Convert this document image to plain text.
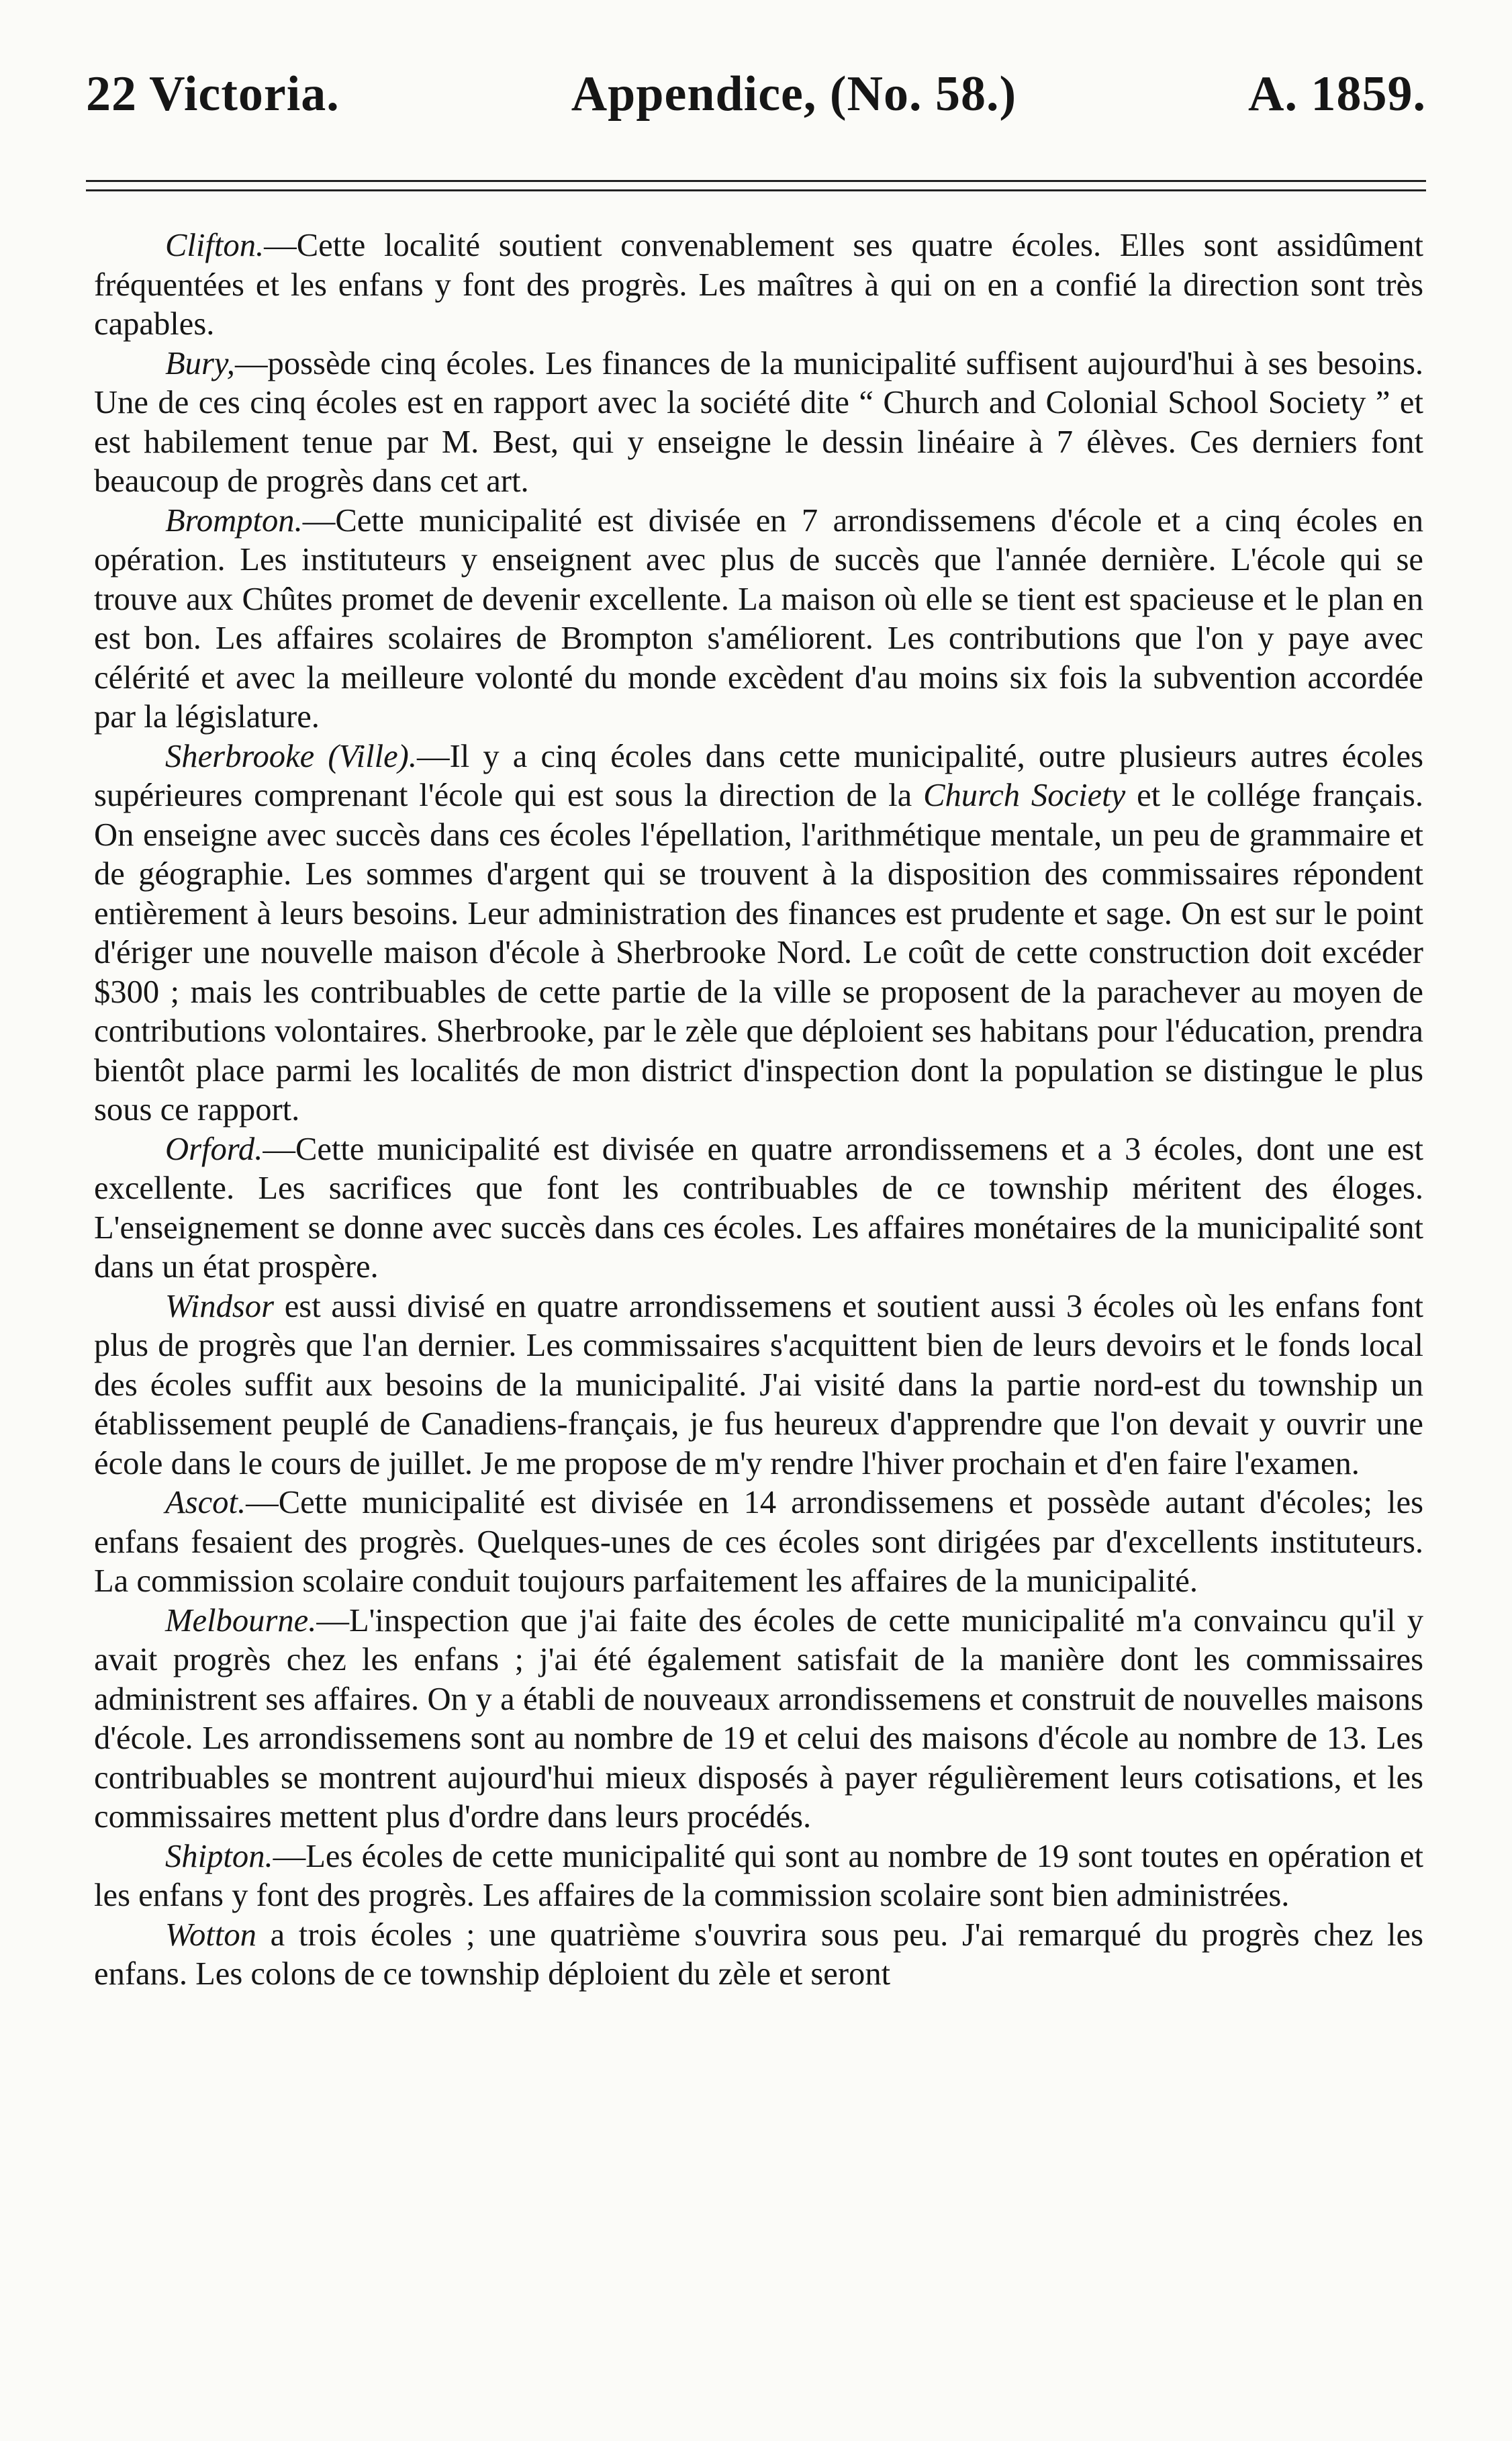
22 Victoria.	Appendice, (No. 58.)	A. 1859.

Clifton.—Cette localité soutient convenablement ses quatre écoles. Elles sont assidûment fréquentées et les enfans y font des progrès. Les maîtres à qui on en a confié la direction sont très capables.

Bury,—possède cinq écoles. Les finances de la municipalité suffisent aujourd'hui à ses besoins. Une de ces cinq écoles est en rapport avec la société dite “ Church and Colonial School Society ” et est habilement tenue par M. Best, qui y enseigne le dessin linéaire à 7 élèves. Ces derniers font beaucoup de progrès dans cet art.

Brompton.—Cette municipalité est divisée en 7 arrondissemens d'école et a cinq écoles en opération. Les instituteurs y enseignent avec plus de succès que l'année dernière. L'école qui se trouve aux Chûtes promet de devenir excellente. La maison où elle se tient est spacieuse et le plan en est bon. Les affaires scolaires de Brompton s'améliorent. Les contributions que l'on y paye avec célérité et avec la meilleure volonté du monde excèdent d'au moins six fois la subvention accordée par la législature.

Sherbrooke (Ville).—Il y a cinq écoles dans cette municipalité, outre plusieurs autres écoles supérieures comprenant l'école qui est sous la direction de la Church Society et le collége français. On enseigne avec succès dans ces écoles l'épellation, l'arithmétique mentale, un peu de grammaire et de géographie. Les sommes d'argent qui se trouvent à la disposition des commissaires répondent entièrement à leurs besoins. Leur administration des finances est prudente et sage. On est sur le point d'ériger une nouvelle maison d'école à Sherbrooke Nord. Le coût de cette construction doit excéder $300 ; mais les contribuables de cette partie de la ville se proposent de la parachever au moyen de contributions volontaires. Sherbrooke, par le zèle que déploient ses habitans pour l'éducation, prendra bientôt place parmi les localités de mon district d'inspection dont la population se distingue le plus sous ce rapport.

Orford.—Cette municipalité est divisée en quatre arrondissemens et a 3 écoles, dont une est excellente. Les sacrifices que font les contribuables de ce township méritent des éloges. L'enseignement se donne avec succès dans ces écoles. Les affaires monétaires de la municipalité sont dans un état prospère.

Windsor est aussi divisé en quatre arrondissemens et soutient aussi 3 écoles où les enfans font plus de progrès que l'an dernier. Les commissaires s'acquittent bien de leurs devoirs et le fonds local des écoles suffit aux besoins de la municipalité. J'ai visité dans la partie nord-est du township un établissement peuplé de Canadiens-français, je fus heureux d'apprendre que l'on devait y ouvrir une école dans le cours de juillet. Je me propose de m'y rendre l'hiver prochain et d'en faire l'examen.

Ascot.—Cette municipalité est divisée en 14 arrondissemens et possède autant d'écoles; les enfans fesaient des progrès. Quelques-unes de ces écoles sont dirigées par d'excellents instituteurs. La commission scolaire conduit toujours parfaitement les affaires de la municipalité.

Melbourne.—L'inspection que j'ai faite des écoles de cette municipalité m'a convaincu qu'il y avait progrès chez les enfans ; j'ai été également satisfait de la manière dont les commissaires administrent ses affaires. On y a établi de nouveaux arrondissemens et construit de nouvelles maisons d'école. Les arrondissemens sont au nombre de 19 et celui des maisons d'école au nombre de 13. Les contribuables se montrent aujourd'hui mieux disposés à payer régulièrement leurs cotisations, et les commissaires mettent plus d'ordre dans leurs procédés.

Shipton.—Les écoles de cette municipalité qui sont au nombre de 19 sont toutes en opération et les enfans y font des progrès. Les affaires de la commission scolaire sont bien administrées.

Wotton a trois écoles ; une quatrième s'ouvrira sous peu. J'ai remarqué du progrès chez les enfans. Les colons de ce township déploient du zèle et seront
